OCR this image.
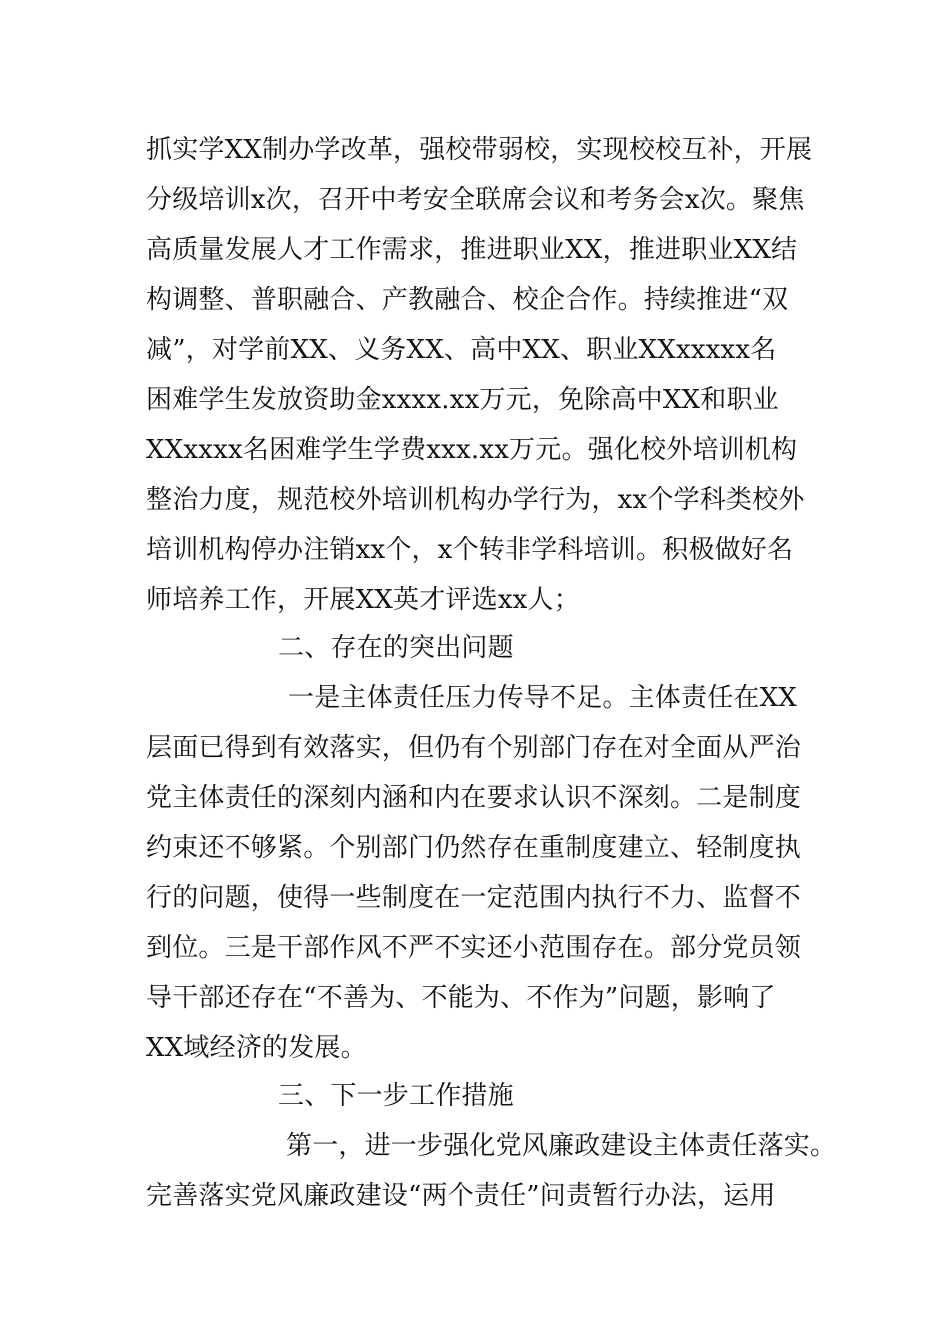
抓实学XX制办学改革，强校带弱校，实现校校互补，开展
分级培训x次，召开中考安全联席会议和考务会x次。聚焦
高质量发展人才工作需求，推进职业XX，推进职业XX结
构调整、普职融合、产教融合、校企合作。持续推进“双
减”，对学前XX、义务XX、高中XX、职业XXxxxxx名
困难学生发放资助金xxxx.xx万元，免除高中XX和职业
XXxxxx名困难学生学费xxx.xx万元。强化校外培训机构
整治力度，规范校外培训机构办学行为，xx个学科类校外
培训机构停办注销xx个，x个转非学科培训。积极做好名
师培养工作，开展XX英才评选xx人；
二、存在的突出问题
一是主体责任压力传导不足。主体责任在XX
层面已得到有效落实，但仍有个别部门存在对全面从严治
党主体责任的深刻内涵和内在要求认识不深刻。二是制度
约束还不够紧。个别部门仍然存在重制度建立、轻制度执
行的问题，使得一些制度在一定范围内执行不力、监督不
到位。三是干部作风不严不实还小范围存在。部分党员领
导干部还存在“不善为、不能为、不作为”问题，影响了
XX域经济的发展。
三、下一步工作措施
第一，进一步强化党风廉政建设主体责任落实。
完善落实党风廉政建设“两个责任”问责暂行办法，运用
